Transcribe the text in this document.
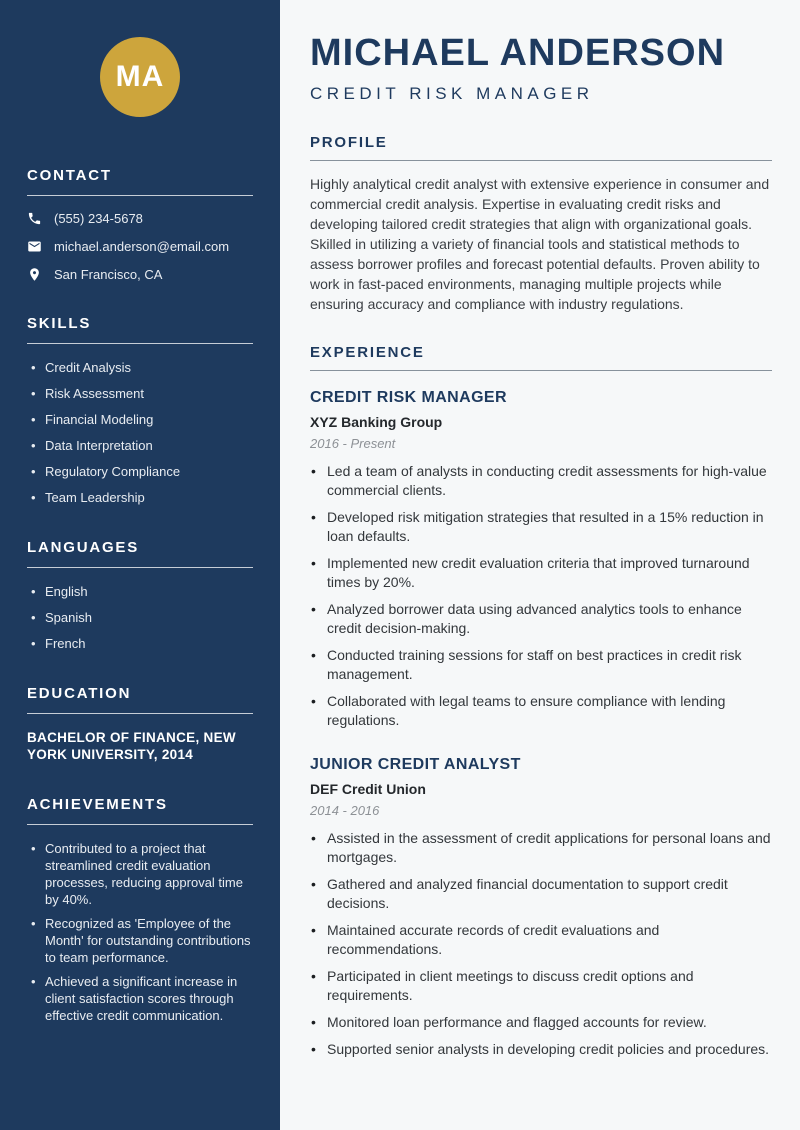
MA
CONTACT
(555) 234-5678
michael.anderson@email.com
San Francisco, CA
SKILLS
• Credit Analysis
• Risk Assessment
• Financial Modeling
• Data Interpretation
• Regulatory Compliance
• Team Leadership
LANGUAGES
• English
• Spanish
• French
EDUCATION

BACHELOR OF FINANCE, NEW YORK UNIVERSITY, 2014

ACHIEVEMENTS
• Contributed to a project that streamlined credit evaluation processes, reducing approval time by 40%.
• Recognized as 'Employee of the Month' for outstanding contributions to team performance.
• Achieved a significant increase in client satisfaction scores through effective credit communication.
MICHAEL ANDERSON
CREDIT RISK MANAGER
PROFILE

Highly analytical credit analyst with extensive experience in consumer and commercial credit analysis. Expertise in evaluating credit risks and developing tailored credit strategies that align with organizational goals. Skilled in utilizing a variety of financial tools and statistical methods to assess borrower profiles and forecast potential defaults. Proven ability to work in fast-paced environments, managing multiple projects while ensuring accuracy and compliance with industry regulations.

EXPERIENCE
CREDIT RISK MANAGER
XYZ Banking Group
2016 - Present
• Led a team of analysts in conducting credit assessments for high-value commercial clients.
• Developed risk mitigation strategies that resulted in a 15% reduction in loan defaults.
• Implemented new credit evaluation criteria that improved turnaround times by 20%.
• Analyzed borrower data using advanced analytics tools to enhance credit decision-making.
• Conducted training sessions for staff on best practices in credit risk management.
• Collaborated with legal teams to ensure compliance with lending regulations.
JUNIOR CREDIT ANALYST
DEF Credit Union
2014 - 2016
• Assisted in the assessment of credit applications for personal loans and mortgages.
• Gathered and analyzed financial documentation to support credit decisions.
• Maintained accurate records of credit evaluations and recommendations.
• Participated in client meetings to discuss credit options and requirements.
• Monitored loan performance and flagged accounts for review.
• Supported senior analysts in developing credit policies and procedures.
